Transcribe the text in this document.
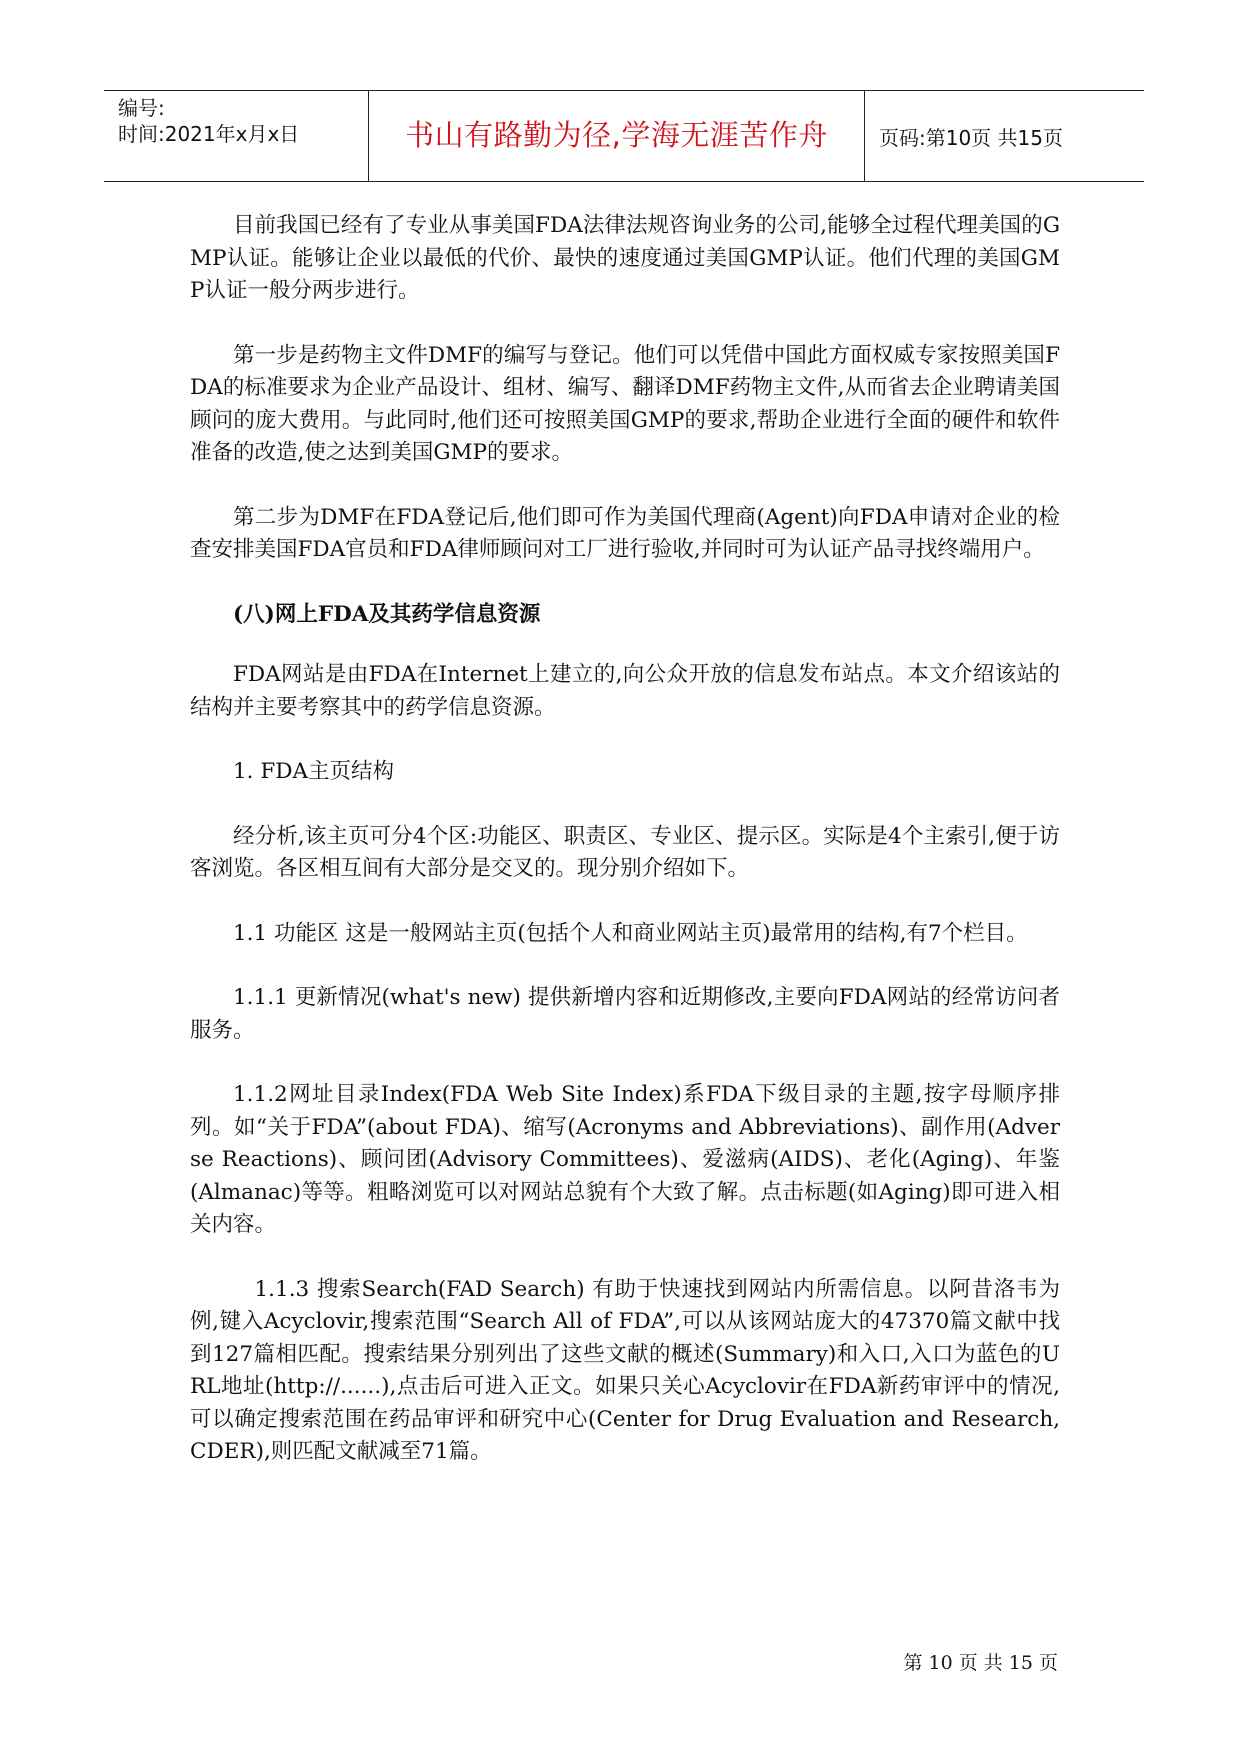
编号:
时间:2021年x月x日	书山有路勤为径,学海无涯苦作舟	页码:第10页 共15页

目前我国已经有了专业从事美国FDA法律法规咨询业务的公司,能够全过程代理美国的GMP认证。能够让企业以最低的代价、最快的速度通过美国GMP认证。他们代理的美国GMP认证一般分两步进行。

第一步是药物主文件DMF的编写与登记。他们可以凭借中国此方面权威专家按照美国FDA的标准要求为企业产品设计、组材、编写、翻译DMF药物主文件,从而省去企业聘请美国顾问的庞大费用。与此同时,他们还可按照美国GMP的要求,帮助企业进行全面的硬件和软件准备的改造,使之达到美国GMP的要求。

第二步为DMF在FDA登记后,他们即可作为美国代理商(Agent)向FDA申请对企业的检查安排美国FDA官员和FDA律师顾问对工厂进行验收,并同时可为认证产品寻找终端用户。

(八)网上FDA及其药学信息资源

FDA网站是由FDA在Internet上建立的,向公众开放的信息发布站点。本文介绍该站的结构并主要考察其中的药学信息资源。

1. FDA主页结构

经分析,该主页可分4个区:功能区、职责区、专业区、提示区。实际是4个主索引,便于访客浏览。各区相互间有大部分是交叉的。现分别介绍如下。

1.1 功能区 这是一般网站主页(包括个人和商业网站主页)最常用的结构,有7个栏目。

1.1.1 更新情况(what's new) 提供新增内容和近期修改,主要向FDA网站的经常访问者服务。

1.1.2网址目录Index(FDA Web Site Index)系FDA下级目录的主题,按字母顺序排列。如“关于FDA”(about FDA)、缩写(Acronyms and Abbreviations)、副作用(Adverse Reactions)、顾问团(Advisory Committees)、爱滋病(AIDS)、老化(Aging)、年鉴(Almanac)等等。粗略浏览可以对网站总貌有个大致了解。点击标题(如Aging)即可进入相关内容。

1.1.3 搜索Search(FAD Search) 有助于快速找到网站内所需信息。以阿昔洛韦为例,键入Acyclovir,搜索范围“Search All of FDA”,可以从该网站庞大的47370篇文献中找到127篇相匹配。搜索结果分别列出了这些文献的概述(Summary)和入口,入口为蓝色的URL地址(http://......),点击后可进入正文。如果只关心Acyclovir在FDA新药审评中的情况,可以确定搜索范围在药品审评和研究中心(Center for Drug Evaluation and Research,CDER),则匹配文献减至71篇。

第 10 页 共 15 页
